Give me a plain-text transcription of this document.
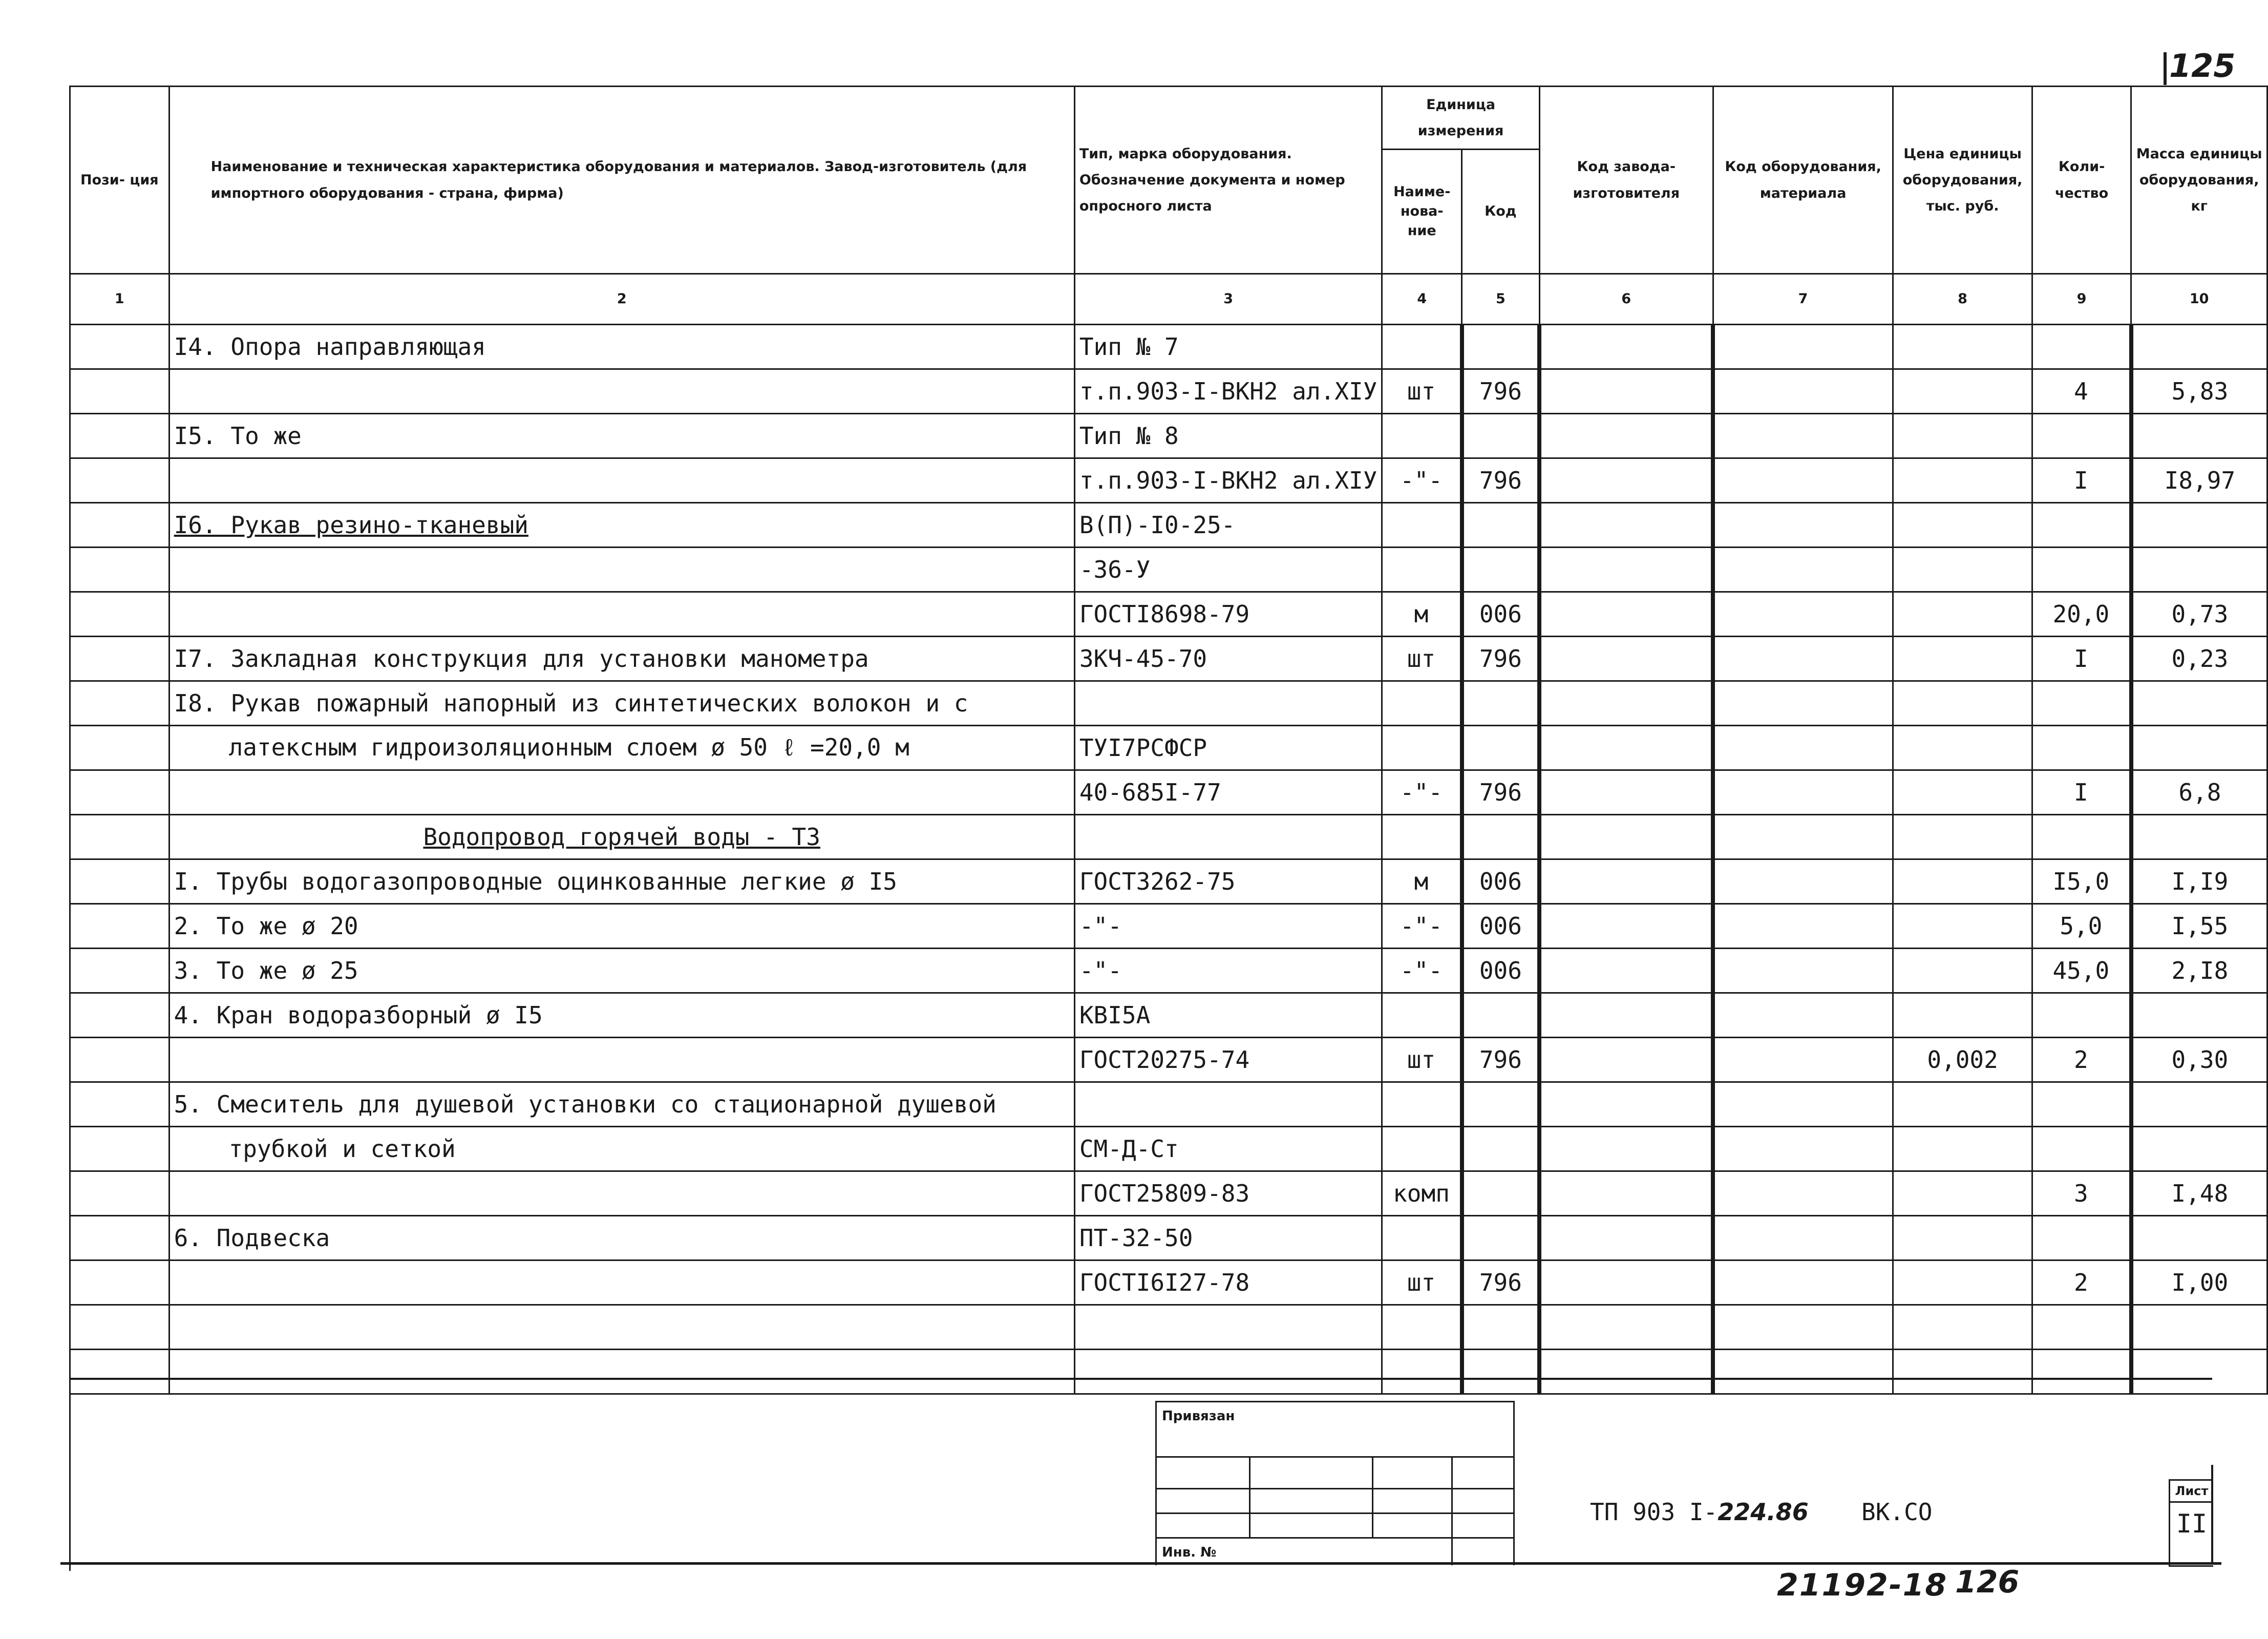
125
Пози- ция	Наименование и техническая характеристика оборудования и материалов. Завод-изготовитель (для импортного оборудования - страна, фирма)	Тип, марка оборудования. Обозначение документа и номер опросного листа	Единица измерения		Код завода-изготовителя	Код оборудования, материала	Цена единицы оборудования, тыс. руб.	Коли-чество	Масса единицы оборудования, кг
			Наиме-нова-ние	Код					
1	2	3	4	5	6	7	8	9	10
	I4. Опора направляющая	Тип № 7							
		т.п.903-I-ВКН2 ал.XIУ	шт	796				4	5,83
	I5. То же	Тип № 8							
		т.п.903-I-ВКН2 ал.XIУ	-"-	796				I	I8,97
	I6. Рукав резино-тканевый	В(П)-I0-25-							
		-36-У							
		ГОСТI8698-79	м	006				20,0	0,73
	I7. Закладная конструкция для установки манометра	ЗКЧ-45-70	шт	796				I	0,23
	I8. Рукав пожарный напорный из синтетических волокон и с								
	латексным гидроизоляционным слоем ø 50 ℓ =20,0 м	ТУI7РСФСР							
		40-685I-77	-"-	796				I	6,8
	Водопровод горячей воды - ТЗ								
	I. Трубы водогазопроводные оцинкованные легкие ø I5	ГОСТ3262-75	м	006				I5,0	I,I9
	2. То же ø 20	-"-	-"-	006				5,0	I,55
	3. То же ø 25	-"-	-"-	006				45,0	2,I8
	4. Кран водоразборный ø I5	КВI5А							
		ГОСТ20275-74	шт	796			0,002	2	0,30
	5. Смеситель для душевой установки со стационарной душевой								
	трубкой и сеткой	СМ-Д-Ст							
		ГОСТ25809-83	комп					3	I,48
	6. Подвеска	ПТ-32-50							
		ГОСТI6I27-78	шт	796				2	I,00

Привязан
Инв. №
ТП 903 I-224.86 ВК.СО
Лист
II
21192-18 126
